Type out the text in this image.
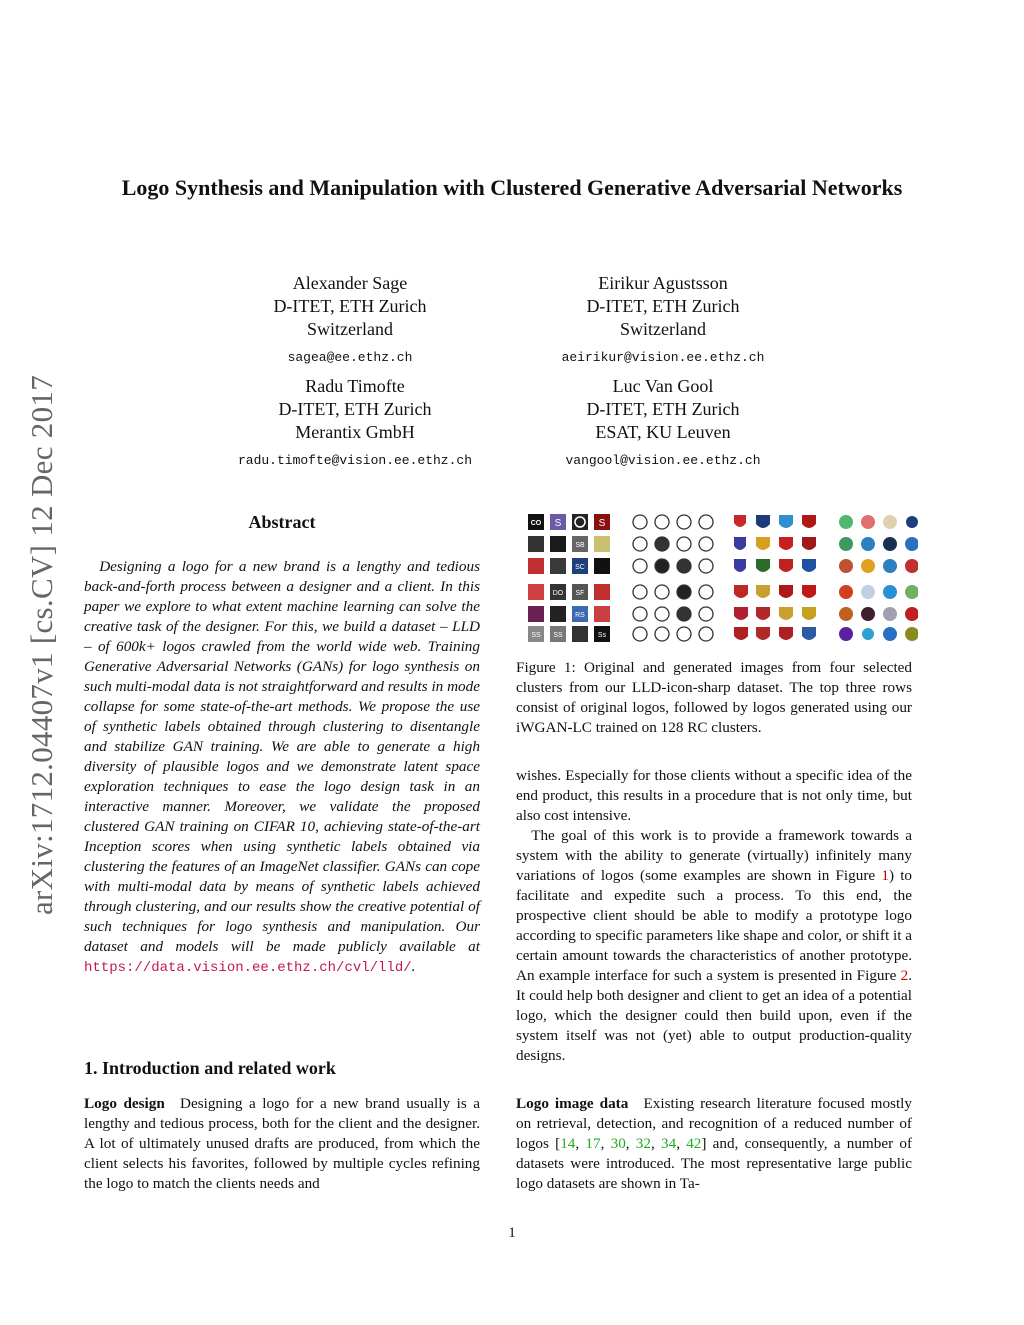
Logo Synthesis and Manipulation with Clustered Generative Adversarial Networks
Alexander Sage
D-ITET, ETH Zurich
Switzerland
sagea@ee.ethz.ch
Eirikur Agustsson
D-ITET, ETH Zurich
Switzerland
aeirikur@vision.ee.ethz.ch
Radu Timofte
D-ITET, ETH Zurich
Merantix GmbH
radu.timofte@vision.ee.ethz.ch
Luc Van Gool
D-ITET, ETH Zurich
ESAT, KU Leuven
vangool@vision.ee.ethz.ch
arXiv:1712.04407v1 [cs.CV] 12 Dec 2017	Abstract
 Designing a logo for a new brand is a lengthy and tedious back-and-forth process between a designer and a client. In this paper we explore to what extent machine learning can solve the creative task of the designer. For this, we build a dataset – LLD – of 600k+ logos crawled from the world wide web. Training Generative Adversarial Networks (GANs) for logo synthesis on such multi-modal data is not straightforward and results in mode collapse for some state-of-the-art methods. We propose the use of synthetic labels obtained through clustering to disentangle and stabilize GAN training. We are able to generate a high diversity of plausible logos and we demonstrate latent space exploration techniques to ease the logo design task in an interactive manner. Moreover, we validate the proposed clustered GAN training on CIFAR 10, achieving state-of-the-art Inception scores when using synthetic labels obtained via clustering the features of an ImageNet classifier. GANs can cope with multi-modal data by means of synthetic labels achieved through clustering, and our results show the creative potential of such techniques for logo synthesis and manipulation. Our dataset and models will be made publicly available at https://data.vision.ee.ethz.ch/cvl/lld/.
1. Introduction and related work
Logo design  Designing a logo for a new brand usually is a lengthy and tedious process, both for the client and the designer. A lot of ultimately unused drafts are produced, from which the client selects his favorites, followed by multiple cycles refining the logo to match the clients needs and
CO S	S
SB
SC
DO SF
RS
SS SS	Ss
Figure 1: Original and generated images from four selected clusters from our LLD-icon-sharp dataset. The top three rows consist of original logos, followed by logos generated using our iWGAN-LC trained on 128 RC clusters.
wishes. Especially for those clients without a specific idea of the end product, this results in a procedure that is not only time, but also cost intensive.
 The goal of this work is to provide a framework towards a system with the ability to generate (virtually) infinitely many variations of logos (some examples are shown in Figure 1) to facilitate and expedite such a process. To this end, the prospective client should be able to modify a prototype logo according to specific parameters like shape and color, or shift it a certain amount towards the characteristics of another prototype. An example interface for such a system is presented in Figure 2. It could help both designer and client to get an idea of a potential logo, which the designer could then build upon, even if the system itself was not (yet) able to output production-quality designs.
Logo image data  Existing research literature focused mostly on retrieval, detection, and recognition of a reduced number of logos [14, 17, 30, 32, 34, 42] and, consequently, a number of datasets were introduced. The most representative large public logo datasets are shown in Ta-
1
